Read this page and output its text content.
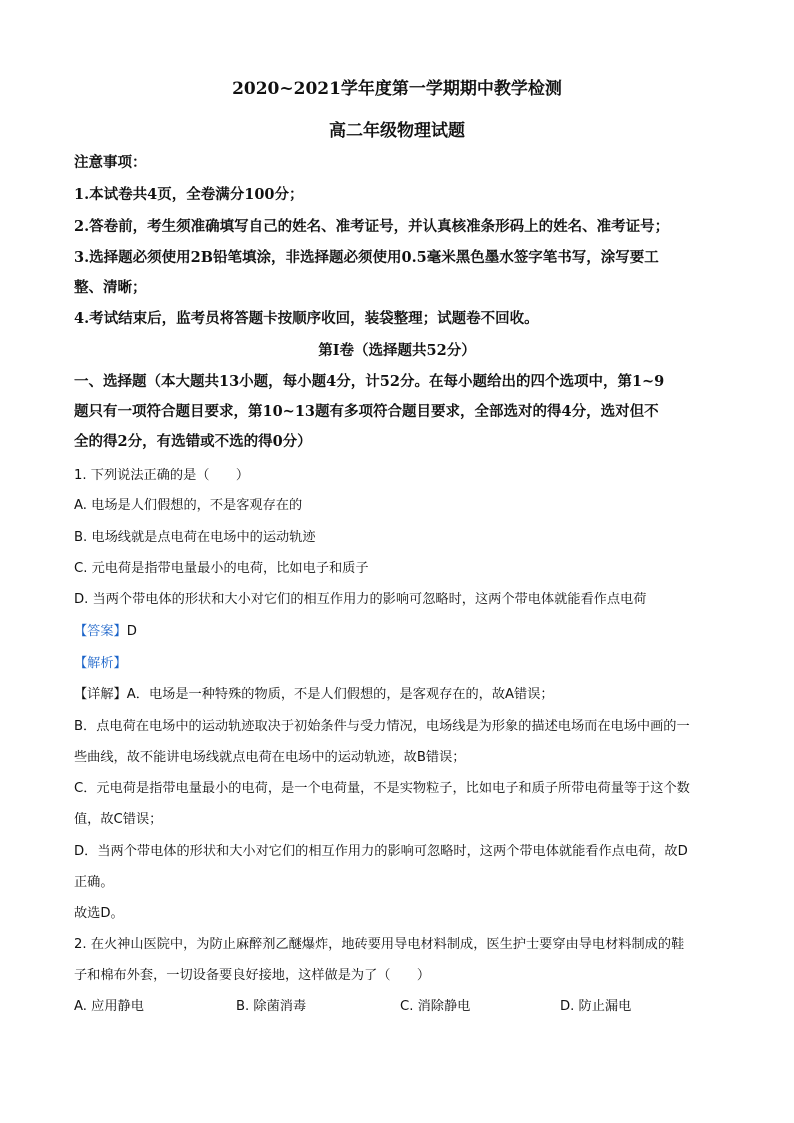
2020~2021学年度第一学期期中教学检测
高二年级物理试题
注意事项：
1.本试卷共4页，全卷满分100分；
2.答卷前，考生须准确填写自己的姓名、准考证号，并认真核准条形码上的姓名、准考证号；
3.选择题必须使用2B铅笔填涂，非选择题必须使用0.5毫米黑色墨水签字笔书写，涂写要工
整、清晰；
4.考试结束后，监考员将答题卡按顺序收回，装袋整理；试题卷不回收。
第I卷（选择题共52分）
一、选择题（本大题共13小题，每小题4分，计52分。在每小题给出的四个选项中，第1~9
题只有一项符合题目要求，第10~13题有多项符合题目要求，全部选对的得4分，选对但不
全的得2分，有选错或不选的得0分）
1. 下列说法正确的是（　　）
A. 电场是人们假想的，不是客观存在的
B. 电场线就是点电荷在电场中的运动轨迹
C. 元电荷是指带电量最小的电荷，比如电子和质子
D. 当两个带电体的形状和大小对它们的相互作用力的影响可忽略时，这两个带电体就能看作点电荷
【答案】D
【解析】
【详解】A．电场是一种特殊的物质，不是人们假想的，是客观存在的，故A错误；
B．点电荷在电场中的运动轨迹取决于初始条件与受力情况，电场线是为形象的描述电场而在电场中画的一
些曲线，故不能讲电场线就点电荷在电场中的运动轨迹，故B错误；
C．元电荷是指带电量最小的电荷，是一个电荷量，不是实物粒子，比如电子和质子所带电荷量等于这个数
值，故C错误；
D．当两个带电体的形状和大小对它们的相互作用力的影响可忽略时，这两个带电体就能看作点电荷，故D
正确。
故选D。
2. 在火神山医院中，为防止麻醉剂乙醚爆炸，地砖要用导电材料制成，医生护士要穿由导电材料制成的鞋
子和棉布外套，一切设备要良好接地，这样做是为了（　　）
A. 应用静电	B. 除菌消毒	C. 消除静电	D. 防止漏电
